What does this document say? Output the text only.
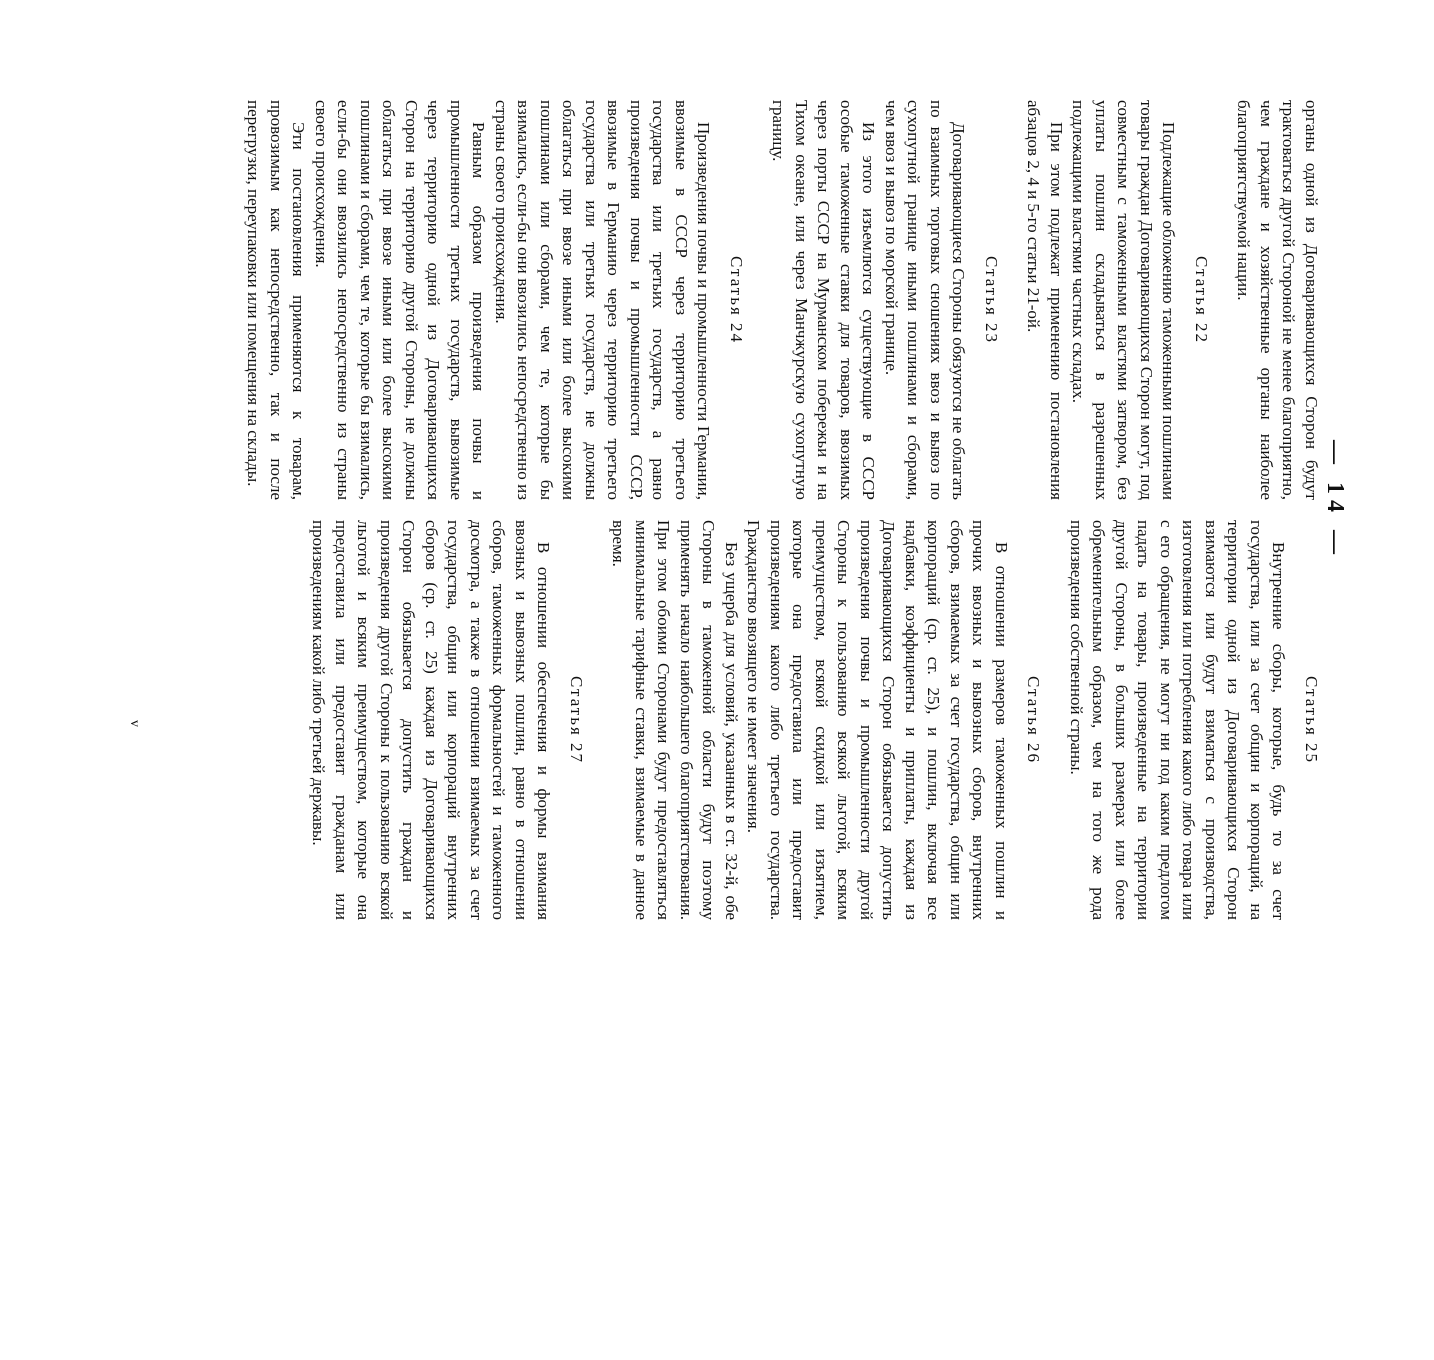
— 14 —

органы одной из Договаривающихся Сторон будут трактоваться другой Стороной не менее благоприятно, чем граждане и хозяйственные органы наиболее благоприятствуемой нации.

Статья 22

Подлежащие обложению таможенными пошлинами товары граждан Договаривающихся Сторон могут, под совместным с таможенными властями затвором, без уплаты пошлин складываться в разрешенных подлежащими властями частных складах.

При этом подлежат применению постановления абзацов 2, 4 и 5-го статьи 21-ой.

Статья 23

Договаривающиеся Стороны обязуются не облагать по взаимных торговых сношениях ввоз и вывоз по сухопутной границе иными пошлинами и сборами, чем ввоз и вывоз по морской границе.

Из этого изъемлются существующие в СССР особые таможенные ставки для товаров, ввозимых через порты СССР на Мурманском побережьи и на Тихом океане, или через Манчжурскую сухопутную границу.

Статья 24

Произведения почвы и промышленности Германии, ввозимые в СССР через территорию третьего государства или третьих государств, а равно произведения почвы и промышленности СССР, ввозимые в Германию через территорию третьего государства или третьих государств, не должны облагаться при ввозе иными или более высокими пошлинами или сборами, чем те, которые бы взимались, если-бы они ввозились непосредственно из страны своего происхождения.

Равным образом произведения почвы и промышленности третьих государств, вывозимые через территорию одной из Договаривающихся Сторон на территорию другой Стороны, не должны облагаться при ввозе иными или более высокими пошлинами и сборами, чем те, которые бы взимались, если-бы они ввозились непосредственно из страны своего происхождения.

Эти постановления применяются к товарам, провозимым как непосредственно, так и после перегрузки, переупаковки или помещения на склады.

Статья 25

Внутренние сборы, которые, будь то за счет государства, или за счет общин и корпораций, на территории одной из Договаривающихся Сторон взимаются или будут взиматься с производства, изготовления или потребления какого либо товара или с его обращения, не могут ни под каким предлогом падать на товары, произведенные на территории другой Стороны, в больших размерах или более обременительным образом, чем на того же рода произведения собственной страны.

Статья 26

В отношении размеров таможенных пошлин и прочих ввозных и вывозных сборов, внутренних сборов, взимаемых за счет государства, общин или корпораций (ср. ст. 25), и пошлин, включая все надбавки, коэффициенты и приплаты, каждая из Договаривающихся Сторон обязывается допустить произведения почвы и промышленности другой Стороны к пользованию всякой льготой, всяким преимуществом, всякой скидкой или изъятием, которые она предоставила или предоставит произведениям какого либо третьего государства. Гражданство ввозящего не имеет значения.

Без ущерба для условий, указанных в ст. 32-й, обе Стороны в таможенной области будут поэтому применять начало наибольшего благоприятствования. При этом обоими Сторонами будут предоставляться минимальные тарифные ставки, взимаемые в данное время.

Статья 27

В отношении обеспечения и формы взимания ввозных и вывозных пошлин, равно в отношении сборов, таможенных формальностей и таможенного досмотра, а также в отношении взимаемых за счет государства, общин или корпораций внутренних сборов (ср. ст. 25) каждая из Договаривающихся Сторон обязывается допустить граждан и произведения другой Стороны к пользованию всякой льготой и всяким преимуществом, которые она предоставила или предоставит гражданам или произведениям какой либо третьей державы.

v
